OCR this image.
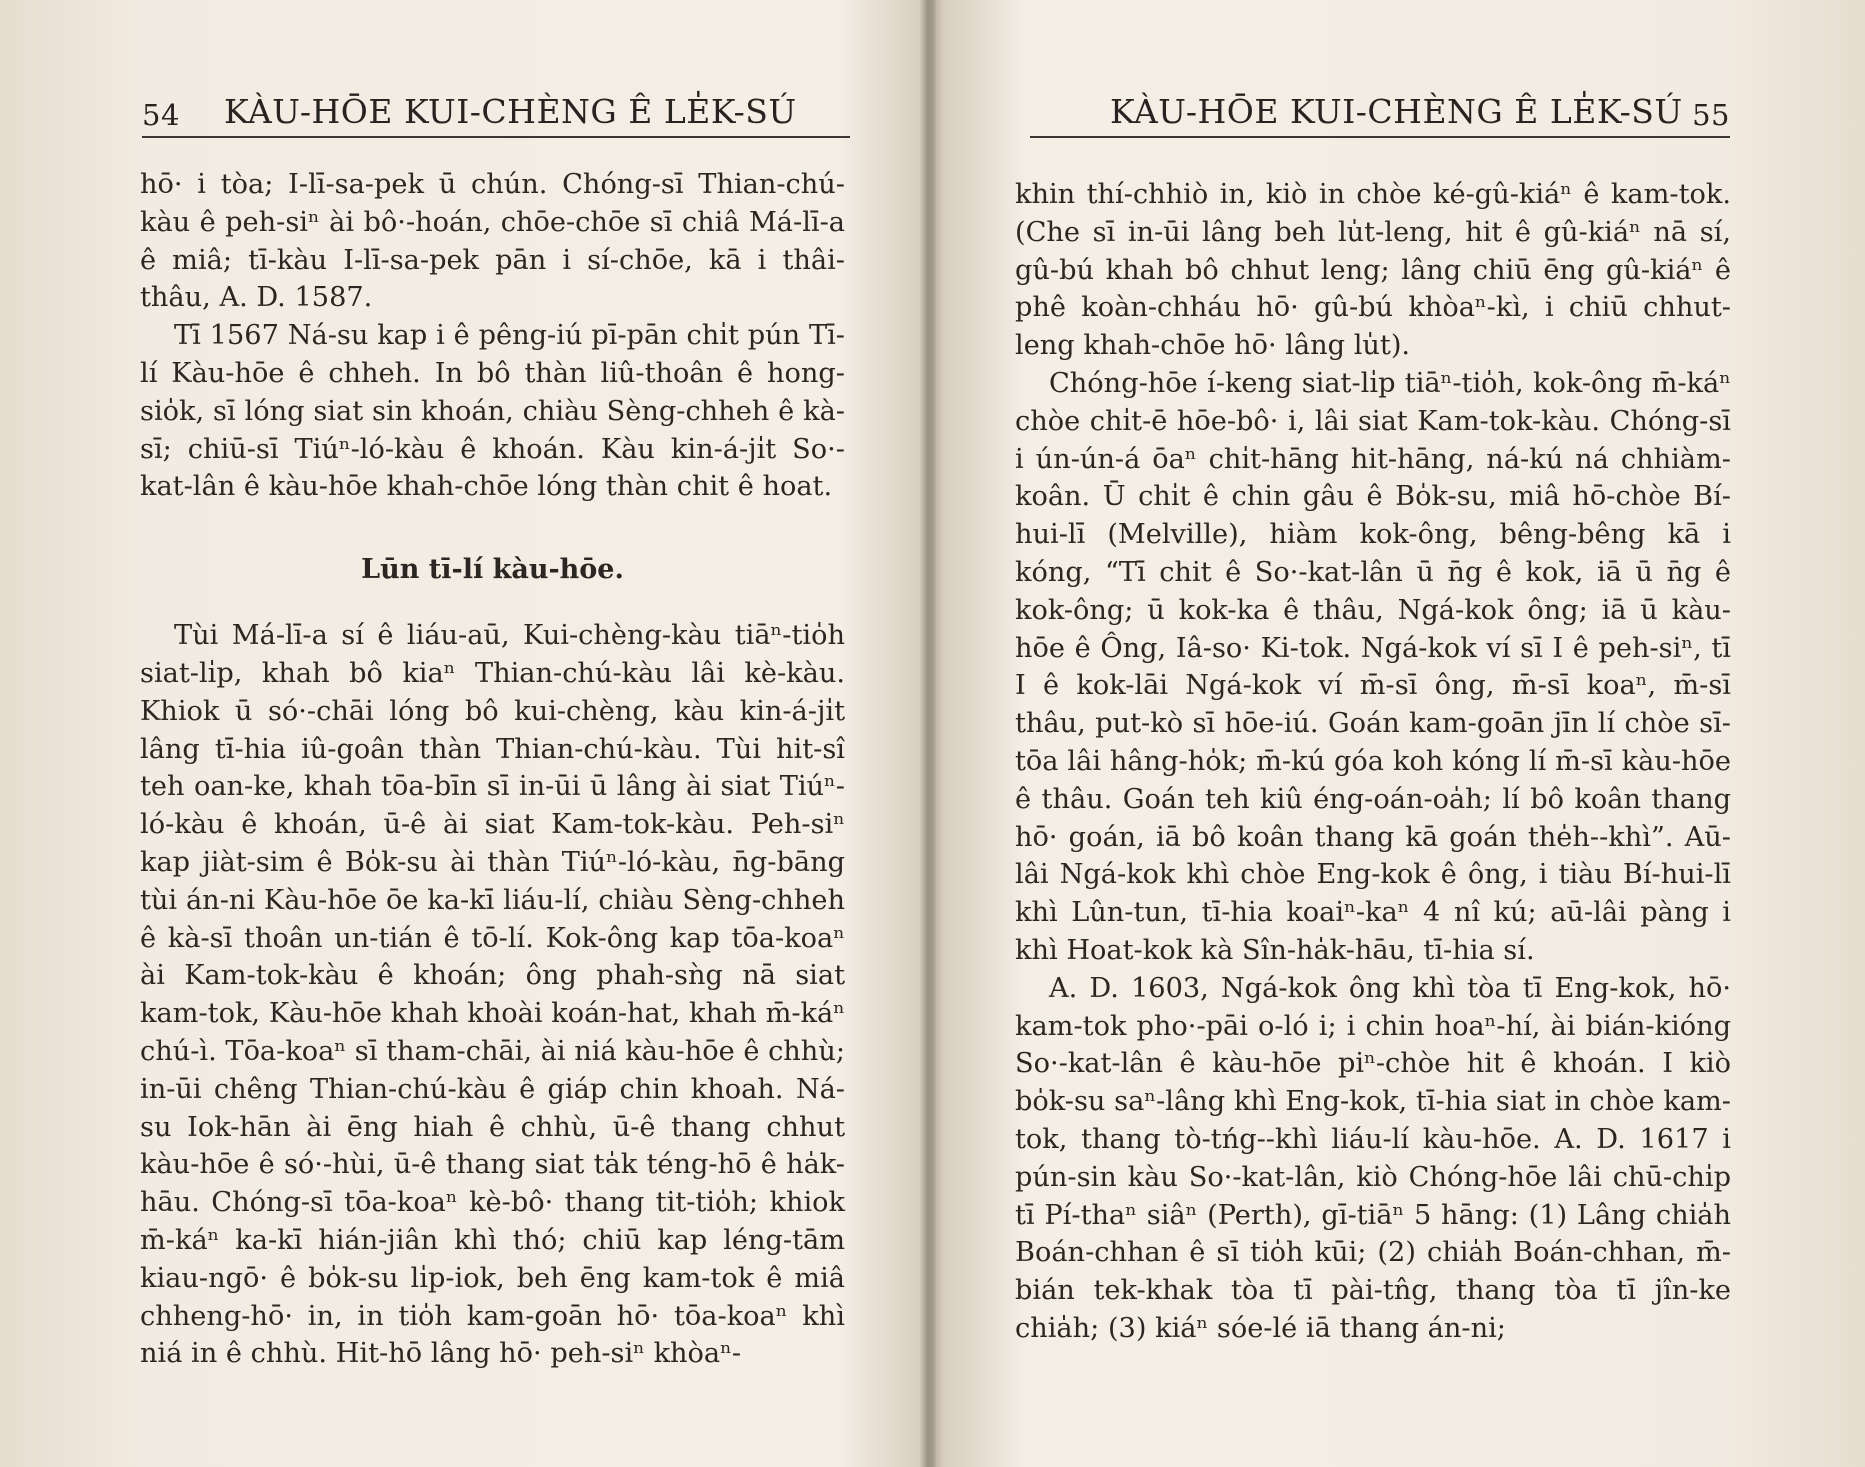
54 KÀU-HŌE KUI-CHÈNG Ê LE̍K-SÚ

hō· i tòa; I-lī-sa-pek ū chún. Chóng-sī Thian-chú-kàu ê peh-siⁿ ài bô·-hoán, chōe-chōe sī chiâ Má-lī-a ê miâ; tī-kàu I-lī-sa-pek pān i sí-chōe, kā i thâi-thâu, A. D. 1587.

Tī 1567 Ná-su kap i ê pêng-iú pī-pān chi̍t pún Tī-lí Kàu-hōe ê chheh. In bô thàn liû-thoân ê hong-sio̍k, sī lóng siat sin khoán, chiàu Sèng-chheh ê kà-sī; chiū-sī Tiúⁿ-ló-kàu ê khoán. Kàu kin-á-ji̍t So·-kat-lân ê kàu-hōe khah-chōe lóng thàn chit ê hoat.

Lūn tī-lí kàu-hōe.

Tùi Má-lī-a sí ê liáu-aū, Kui-chèng-kàu tiāⁿ-tio̍h siat-li̍p, khah bô kiaⁿ Thian-chú-kàu lâi kè-kàu. Khiok ū só·-chāi lóng bô kui-chèng, kàu kin-á-ji̍t lâng tī-hia iû-goân thàn Thian-chú-kàu. Tùi hit-sî teh oan-ke, khah tōa-bīn sī in-ūi ū lâng ài siat Tiúⁿ-ló-kàu ê khoán, ū-ê ài siat Kam-tok-kàu. Peh-siⁿ kap jiàt-sim ê Bo̍k-su ài thàn Tiúⁿ-ló-kàu, n̄g-bāng tùi án-ni Kàu-hōe ōe ka-kī liáu-lí, chiàu Sèng-chheh ê kà-sī thoân un-tián ê tō-lí. Kok-ông kap tōa-koaⁿ ài Kam-tok-kàu ê khoán; ông phah-sǹg nā siat kam-tok, Kàu-hōe khah khoài koán-hat, khah m̄-káⁿ chú-ì. Tōa-koaⁿ sī tham-chāi, ài niá kàu-hōe ê chhù; in-ūi chêng Thian-chú-kàu ê giáp chin khoah. Ná-su Iok-hān ài ēng hiah ê chhù, ū-ê thang chhut kàu-hōe ê só·-hùi, ū-ê thang siat ta̍k téng-hō ê ha̍k-hāu. Chóng-sī tōa-koaⁿ kè-bô· thang tit-tio̍h; khiok m̄-káⁿ ka-kī hián-jiân khì thó; chiū kap léng-tām kiau-ngō· ê bo̍k-su li̍p-iok, beh ēng kam-tok ê miâ chheng-hō· in, in tio̍h kam-goān hō· tōa-koaⁿ khì niá in ê chhù. Hit-hō lâng hō· peh-siⁿ khòaⁿ-

KÀU-HŌE KUI-CHÈNG Ê LE̍K-SÚ 55

khin thí-chhiò in, kiò in chòe ké-gû-kiáⁿ ê kam-tok. (Che sī in-ūi lâng beh lu̍t-leng, hit ê gû-kiáⁿ nā sí, gû-bú khah bô chhut leng; lâng chiū ēng gû-kiáⁿ ê phê koàn-chháu hō· gû-bú khòaⁿ-kì, i chiū chhut-leng khah-chōe hō· lâng lu̍t).

Chóng-hōe í-keng siat-li̍p tiāⁿ-tio̍h, kok-ông m̄-káⁿ chòe chi̍t-ē hōe-bô· i, lâi siat Kam-tok-kàu. Chóng-sī i ún-ún-á ōaⁿ chi̍t-hāng hit-hāng, ná-kú ná chhiàm-koân. Ū chi̍t ê chin gâu ê Bo̍k-su, miâ hō-chòe Bí-hui-lī (Melville), hiàm kok-ông, bêng-bêng kā i kóng, “Tī chit ê So·-kat-lân ū n̄g ê kok, iā ū n̄g ê kok-ông; ū kok-ka ê thâu, Ngá-kok ông; iā ū kàu-hōe ê Ông, Iâ-so· Ki-tok. Ngá-kok ví sī I ê peh-siⁿ, tī I ê kok-lāi Ngá-kok ví m̄-sī ông, m̄-sī koaⁿ, m̄-sī thâu, put-kò sī hōe-iú. Goán kam-goān jīn lí chòe sī-tōa lâi hâng-ho̍k; m̄-kú góa koh kóng lí m̄-sī kàu-hōe ê thâu. Goán teh kiû éng-oán-oa̍h; lí bô koân thang hō· goán, iā bô koân thang kā goán the̍h--khì”. Aū-lâi Ngá-kok khì chòe Eng-kok ê ông, i tiàu Bí-hui-lī khì Lûn-tun, tī-hia koaiⁿ-kaⁿ 4 nî kú; aū-lâi pàng i khì Hoat-kok kà Sîn-ha̍k-hāu, tī-hia sí.

A. D. 1603, Ngá-kok ông khì tòa tī Eng-kok, hō· kam-tok pho·-pāi o-ló i; i chin hoaⁿ-hí, ài bián-kióng So·-kat-lân ê kàu-hōe piⁿ-chòe hit ê khoán. I kiò bo̍k-su saⁿ-lâng khì Eng-kok, tī-hia siat in chòe kam-tok, thang tò-tńg--khì liáu-lí kàu-hōe. A. D. 1617 i pún-sin kàu So·-kat-lân, kiò Chóng-hōe lâi chū-chi̍p tī Pí-thaⁿ siâⁿ (Perth), gī-tiāⁿ 5 hāng: (1) Lâng chia̍h Boán-chhan ê sī tio̍h kūi; (2) chia̍h Boán-chhan, m̄-bián tek-khak tòa tī pài-tn̂g, thang tòa tī jîn-ke chia̍h; (3) kiáⁿ sóe-lé iā thang án-ni;
